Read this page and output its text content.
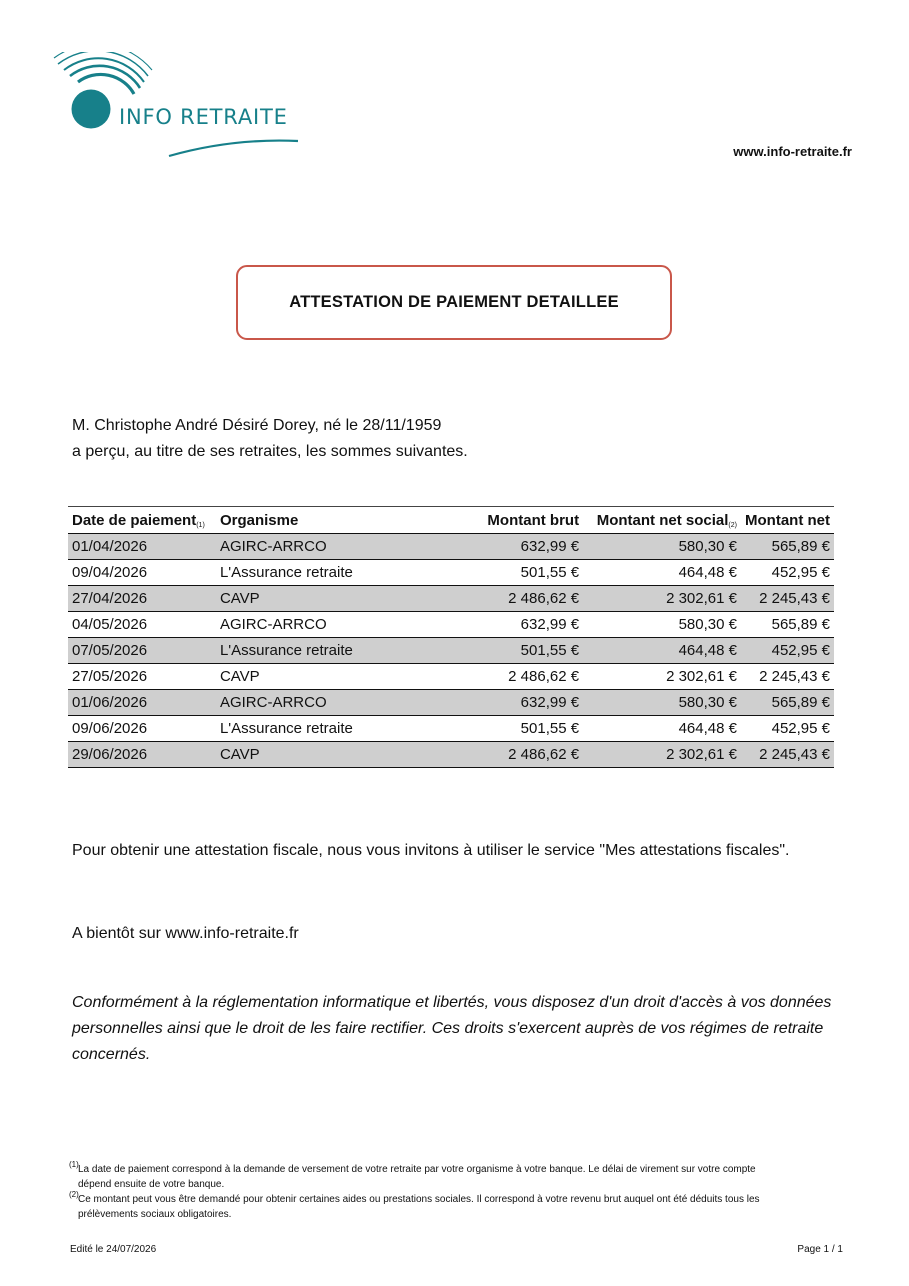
INFO RETRAITE
www.info-retraite.fr
ATTESTATION DE PAIEMENT DETAILLEE
M. Christophe André Désiré Dorey, né le 28/11/1959
a perçu, au titre de ses retraites, les sommes suivantes.
Date de paiement$_{(1)}$	Organisme	Montant brut	Montant net social$_{(2)}$	Montant net
01/04/2026	AGIRC-ARRCO	632,99 €	580,30 €	565,89 €
09/04/2026	L'Assurance retraite	501,55 €	464,48 €	452,95 €
27/04/2026	CAVP	2 486,62 €	2 302,61 €	2 245,43 €
04/05/2026	AGIRC-ARRCO	632,99 €	580,30 €	565,89 €
07/05/2026	L'Assurance retraite	501,55 €	464,48 €	452,95 €
27/05/2026	CAVP	2 486,62 €	2 302,61 €	2 245,43 €
01/06/2026	AGIRC-ARRCO	632,99 €	580,30 €	565,89 €
09/06/2026	L'Assurance retraite	501,55 €	464,48 €	452,95 €
29/06/2026	CAVP	2 486,62 €	2 302,61 €	2 245,43 €
Pour obtenir une attestation fiscale, nous vous invitons à utiliser le service "Mes attestations fiscales".
A bientôt sur www.info-retraite.fr
Conformément à la réglementation informatique et libertés, vous disposez d'un droit d'accès à vos données personnelles ainsi que le droit de les faire rectifier. Ces droits s'exercent auprès de vos régimes de retraite concernés.
(1) La date de paiement correspond à la demande de versement de votre retraite par votre organisme à votre banque. Le délai de virement sur votre compte dépend ensuite de votre banque.
(2) Ce montant peut vous être demandé pour obtenir certaines aides ou prestations sociales. Il correspond à votre revenu brut auquel ont été déduits tous les prélèvements sociaux obligatoires.
Edité le 24/07/2026	Page 1 / 1
